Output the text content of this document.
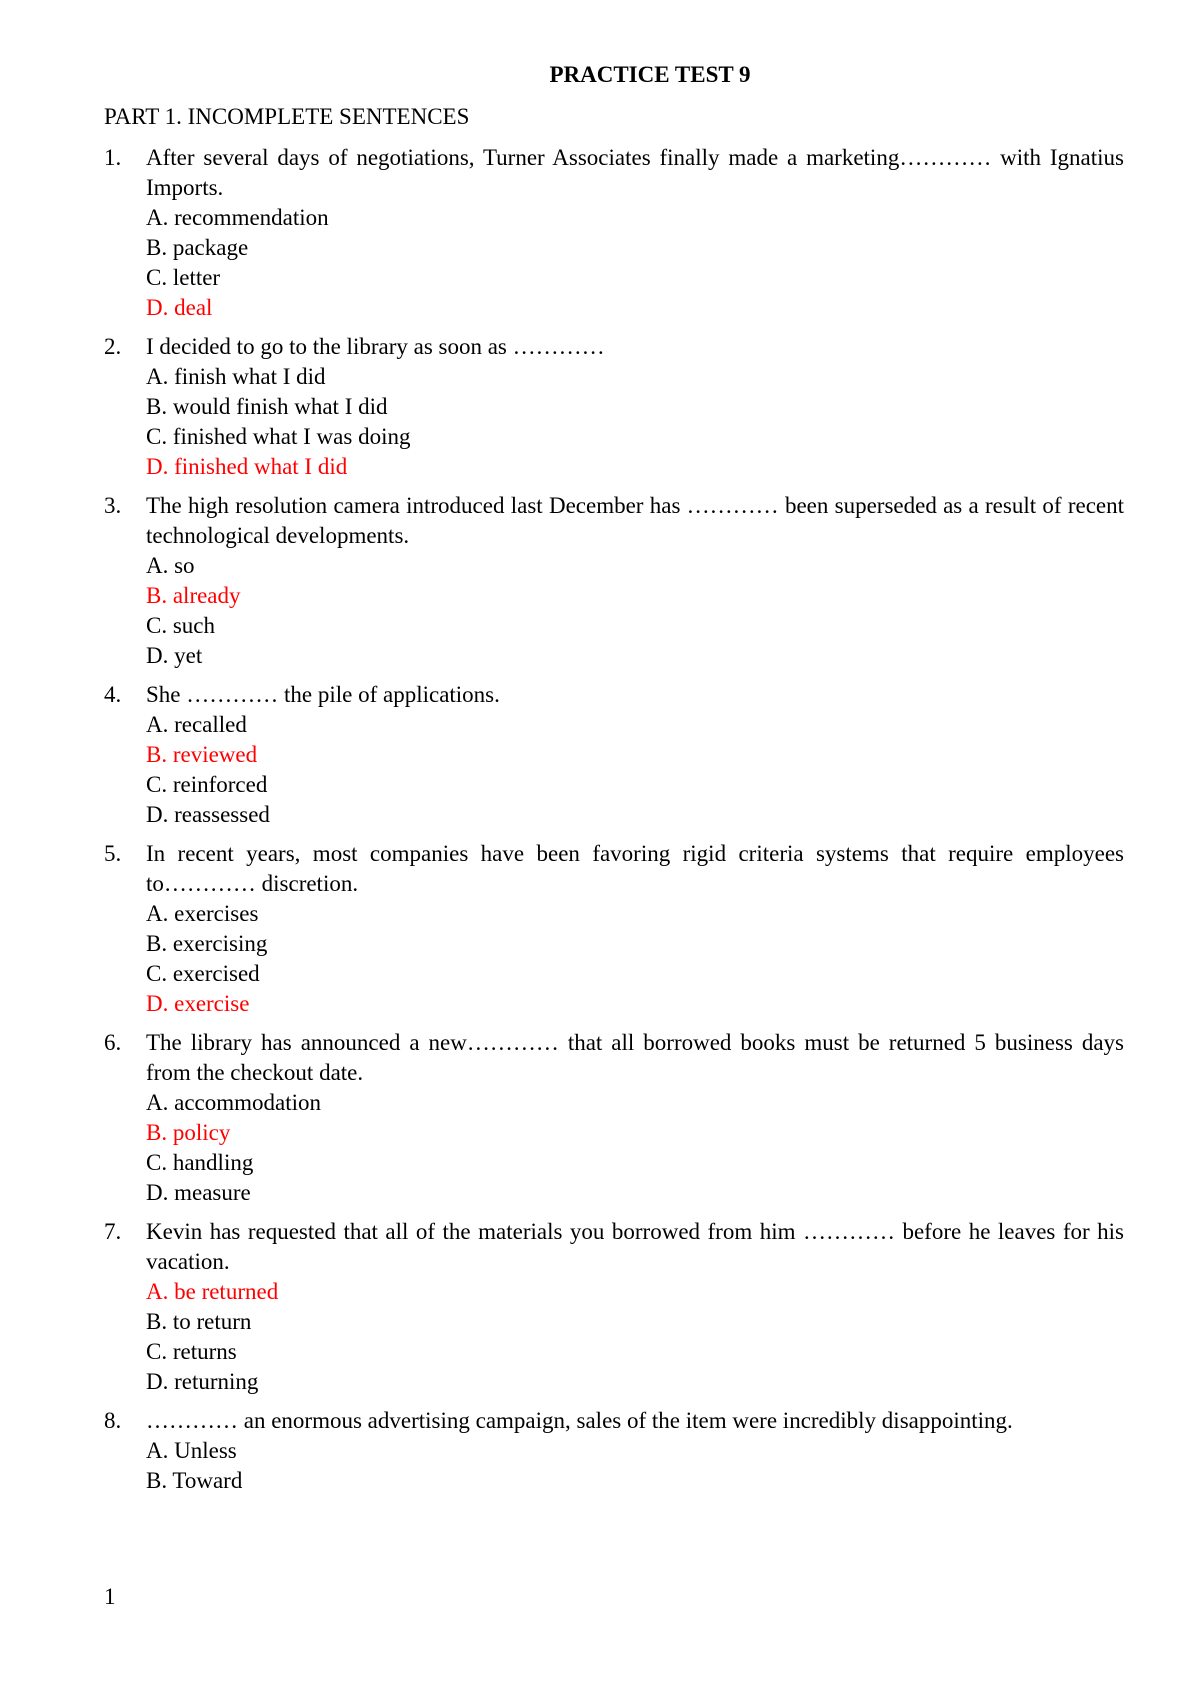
PRACTICE TEST 9
PART 1. INCOMPLETE SENTENCES
1. After several days of negotiations, Turner Associates finally made a marketing………… with Ignatius Imports.

A. recommendation
B. package
C. letter
D. deal
2. I decided to go to the library as soon as …………

A. finish what I did
B. would finish what I did
C. finished what I was doing
D. finished what I did
3. The high resolution camera introduced last December has ………… been superseded as a result of recent technological developments.

A. so
B. already
C. such
D. yet
4. She ………… the pile of applications.

A. recalled
B. reviewed
C. reinforced
D. reassessed
5. In recent years, most companies have been favoring rigid criteria systems that require employees to………… discretion.

A. exercises
B. exercising
C. exercised
D. exercise
6. The library has announced a new………… that all borrowed books must be returned 5 business days from the checkout date.

A. accommodation
B. policy
C. handling
D. measure
7. Kevin has requested that all of the materials you borrowed from him ………… before he leaves for his vacation.

A. be returned
B. to return
C. returns
D. returning
8. ………… an enormous advertising campaign, sales of the item were incredibly disappointing.

A. Unless
B. Toward
1
